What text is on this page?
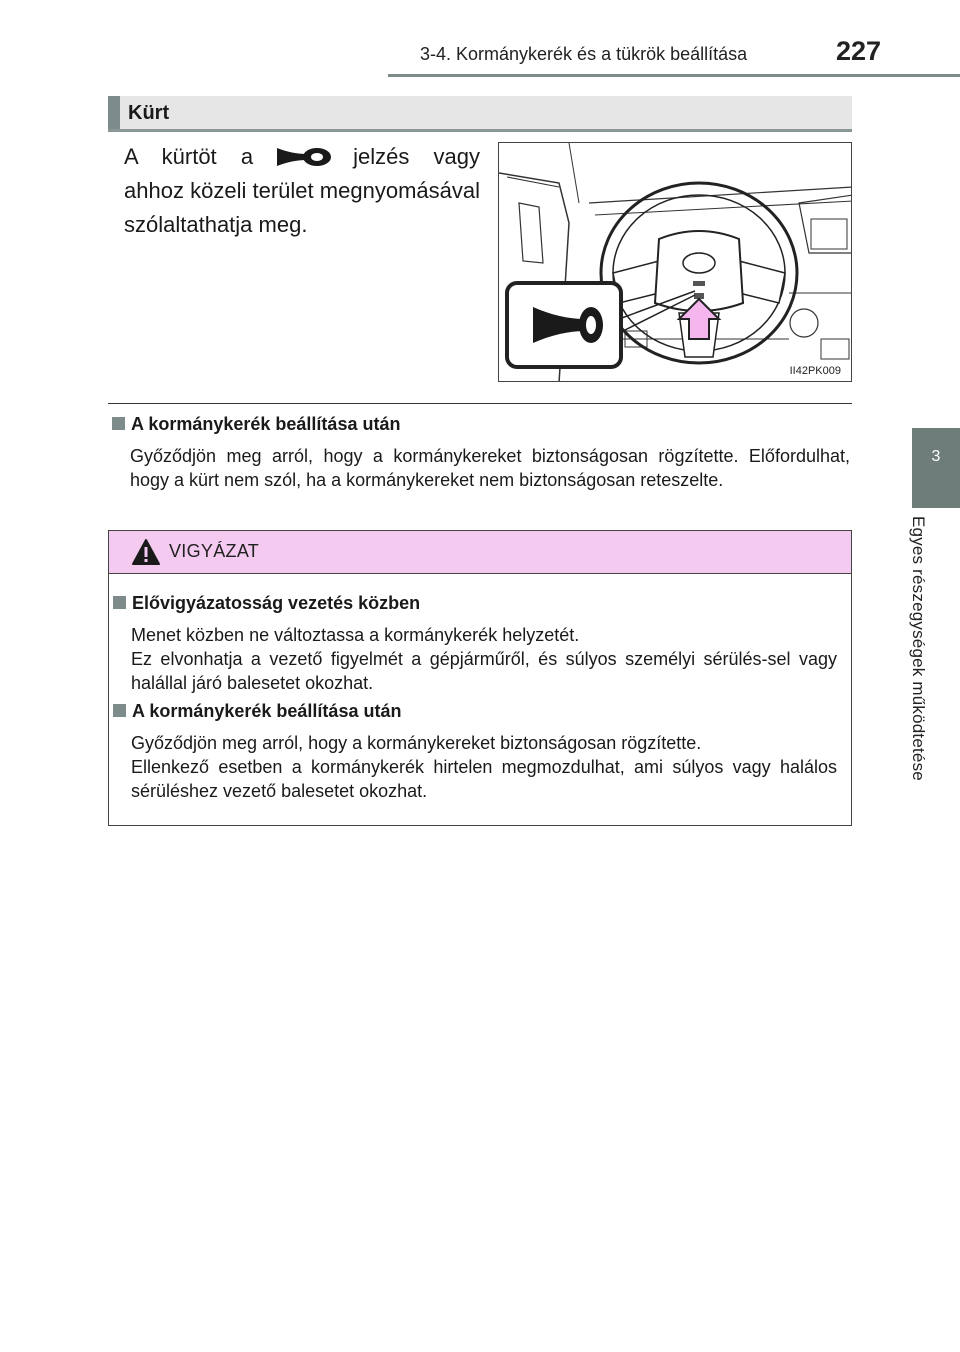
3-4. Kormánykerék és a tükrök beállítása	227
3
Egyes részegységek működtetése
Kürt
A kürtöt a	jelzés vagy ahhoz közeli terület megnyomásával szólaltathatja meg.
II42PK009
A kormánykerék beállítása után
Győződjön meg arról, hogy a kormánykereket biztonságosan rögzítette. Előfordulhat, hogy a kürt nem szól, ha a kormánykereket nem biztonságosan reteszelte.
VIGYÁZAT
Elővigyázatosság vezetés közben
Menet közben ne változtassa a kormánykerék helyzetét.
Ez elvonhatja a vezető figyelmét a gépjárműről, és súlyos személyi sérülés-sel vagy halállal járó balesetet okozhat.
A kormánykerék beállítása után
Győződjön meg arról, hogy a kormánykereket biztonságosan rögzítette.
Ellenkező esetben a kormánykerék hirtelen megmozdulhat, ami súlyos vagy halálos sérüléshez vezető balesetet okozhat.
